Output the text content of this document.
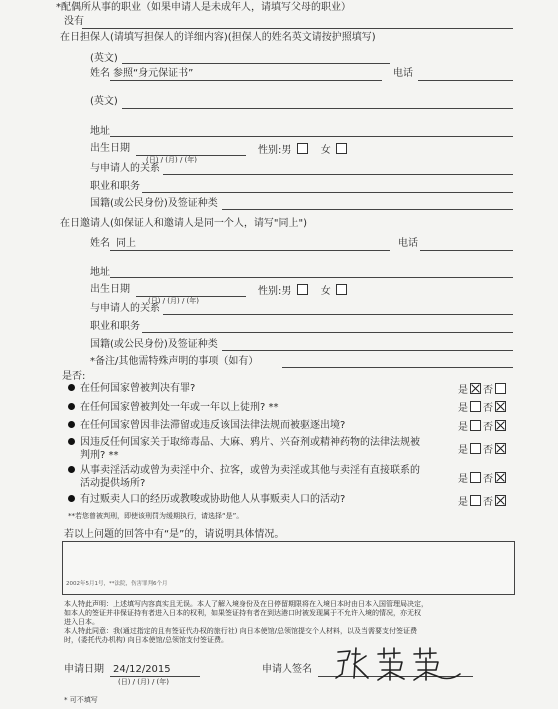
*配偶所从事的职业（如果申请人是未成年人，请填写父母的职业）
没有
在日担保人(请填写担保人的详细内容)(担保人的姓名英文请按护照填写)
(英文)
姓名 参照“身元保证书”	电话
(英文)
地址
出生日期
(日) / (月) / (年)
性别:男	女
与申请人的关系
职业和职务
国籍(或公民身份)及签证种类
在日邀请人(如保证人和邀请人是同一个人，请写"同上")
姓名 同上	电话
地址
出生日期
(日) / (月) / (年)
性别:男	女
与申请人的关系
职业和职务
国籍(或公民身份)及签证种类
*备注/其他需特殊声明的事项（如有）
是否:
在任何国家曾被判决有罪?	是 否
在任何国家曾被判处一年或一年以上徒刑? **	是 否
在任何国家曾因非法滞留或违反该国法律法规而被驱逐出境?	是 否
因违反任何国家关于取缔毒品、大麻、鸦片、兴奋剂或精神药物的法律法规被
判刑? **	是 否
从事卖淫活动或曾为卖淫中介、拉客，或曾为卖淫或其他与卖淫有直接联系的
活动提供场所?	是 否
有过贩卖人口的经历或教唆或协助他人从事贩卖人口的活动?	是 否
**若您曾被判刑，即使该刑罚为缓期执行，请选择“是”。
若以上问题的回答中有“是”的，请说明具体情况。
2002年5月1号，**法院，伤害罪判6个月
本人特此声明：上述填写内容真实且无误。本人了解入境身份及在日停留期限将在入境日本时由日本入国管理局决定，
如本人的签证并非保证持有者进入日本的权利，如果签证持有者在到达港口时被发现属于不允许入境的情况，亦无权
进入日本。
本人特此同意：我(通过指定的且有签证代办权的旅行社) 向日本使馆/总领馆提交个人材料，以及当需要支付签证费
时，(委托代办机构) 向日本使馆/总领馆支付签证费。
申请日期 24/12/2015
(日) / (月) / (年)
申请人签名
* 可不填写
